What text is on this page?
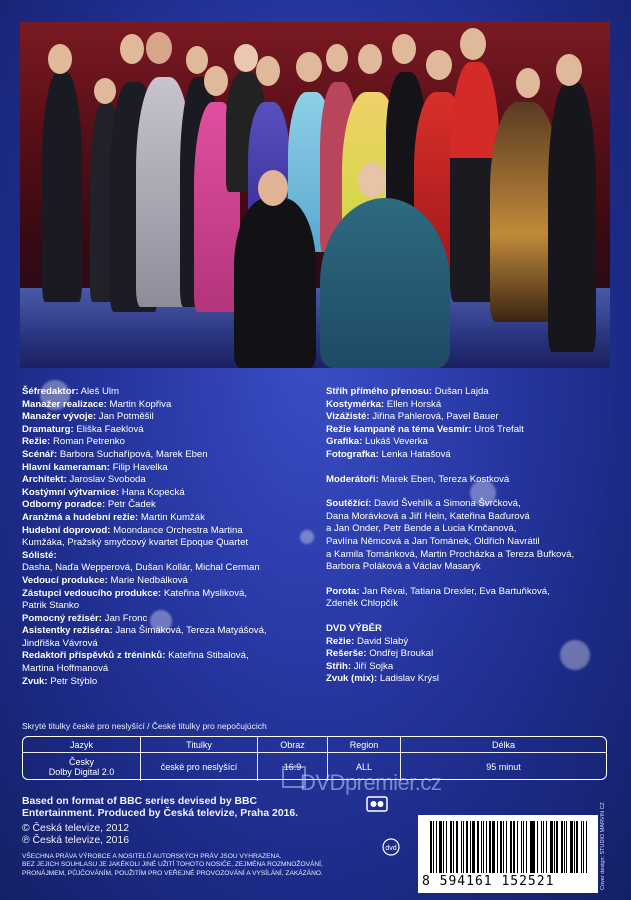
Šéfredaktor: Aleš Ulm
Manažer realizace: Martin Kopřiva
Manažer vývoje: Jan Potměšil
Dramaturg: Eliška Faeklová
Režie: Roman Petrenko
Scénář: Barbora Suchařípová, Marek Eben
Hlavní kameraman: Filip Havelka
Architekt: Jaroslav Svoboda
Kostýmní výtvarnice: Hana Kopecká
Odborný poradce: Petr Čadek
Aranžmá a hudební režie: Martin Kumžák
Hudební doprovod: Moondance Orchestra Martina
Kumžáka, Pražský smyčcový kvartet Epoque Quartet
Sólisté:
Dasha, Naďa Wepperová, Dušan Kollár, Michal Cerman
Vedoucí produkce: Marie Nedbálková
Zástupci vedoucího produkce: Kateřina Mysliková,
Patrik Stanko
Pomocný režisér: Jan Fronc
Asistentky režiséra: Jana Šimáková, Tereza Matyášová,
Jindřiška Vávrová
Redaktoři příspěvků z tréninků: Kateřina Stibalová,
Martina Hoffmanová
Zvuk: Petr Stýblo
Střih přímého přenosu: Dušan Lajda
Kostymérka: Ellen Horská
Vizážisté: Jiřina Pahlerová, Pavel Bauer
Režie kampaně na téma Vesmír: Uroš Trefalt
Grafika: Lukáš Veverka
Fotografka: Lenka Hatašová
Moderátoři: Marek Eben, Tereza Kostková
Soutěžící: David Švehlík a Simona Švrčková,
Dana Morávková a Jiří Hein, Kateřina Baďurová
a Jan Onder, Petr Bende a Lucia Krnčanová,
Pavlína Němcová a Jan Tománek, Oldřich Navrátil
a Kamila Tománková, Martin Procházka a Tereza Bufková,
Barbora Poláková a Václav Masaryk
Porota: Jan Révai, Tatiana Drexler, Eva Bartuňková,
Zdeněk Chlopčík
DVD VÝBĚR
Režie: David Slabý
Rešerše: Ondřej Broukal
Střih: Jiří Sojka
Zvuk (mix): Ladislav Krýsl
Skryté titulky české pro neslyšící / České titulky pro nepočujúcich
Jazyk	Titulky	Obraz	Region	Délka
Česky
Dolby Digital 2.0	české pro neslyšící	16:9	ALL	95 minut
DVDpremier.cz
Based on format of BBC series devised by BBC
Entertainment. Produced by Česká televize, Praha 2016.
© Česká televize, 2012
℗ Česká televize, 2016
VŠECHNA PRÁVA VÝROBCE A NOSITELŮ AUTORSKÝCH PRÁV JSOU VYHRAZENA.
BEZ JEJICH SOUHLASU JE JAKÉKOLI JINÉ UŽITÍ TOHOTO NOSIČE, ZEJMÉNA ROZMNOŽOVÁNÍ,
PRONÁJMEM, PŮJČOVÁNÍM, POUŽITÍM PRO VEŘEJNÉ PROVOZOVÁNÍ A VYSÍLÁNÍ, ZAKÁZÁNO.
dvd
8 594161 152521	Cover design: STUDIO MARVIN CZ
